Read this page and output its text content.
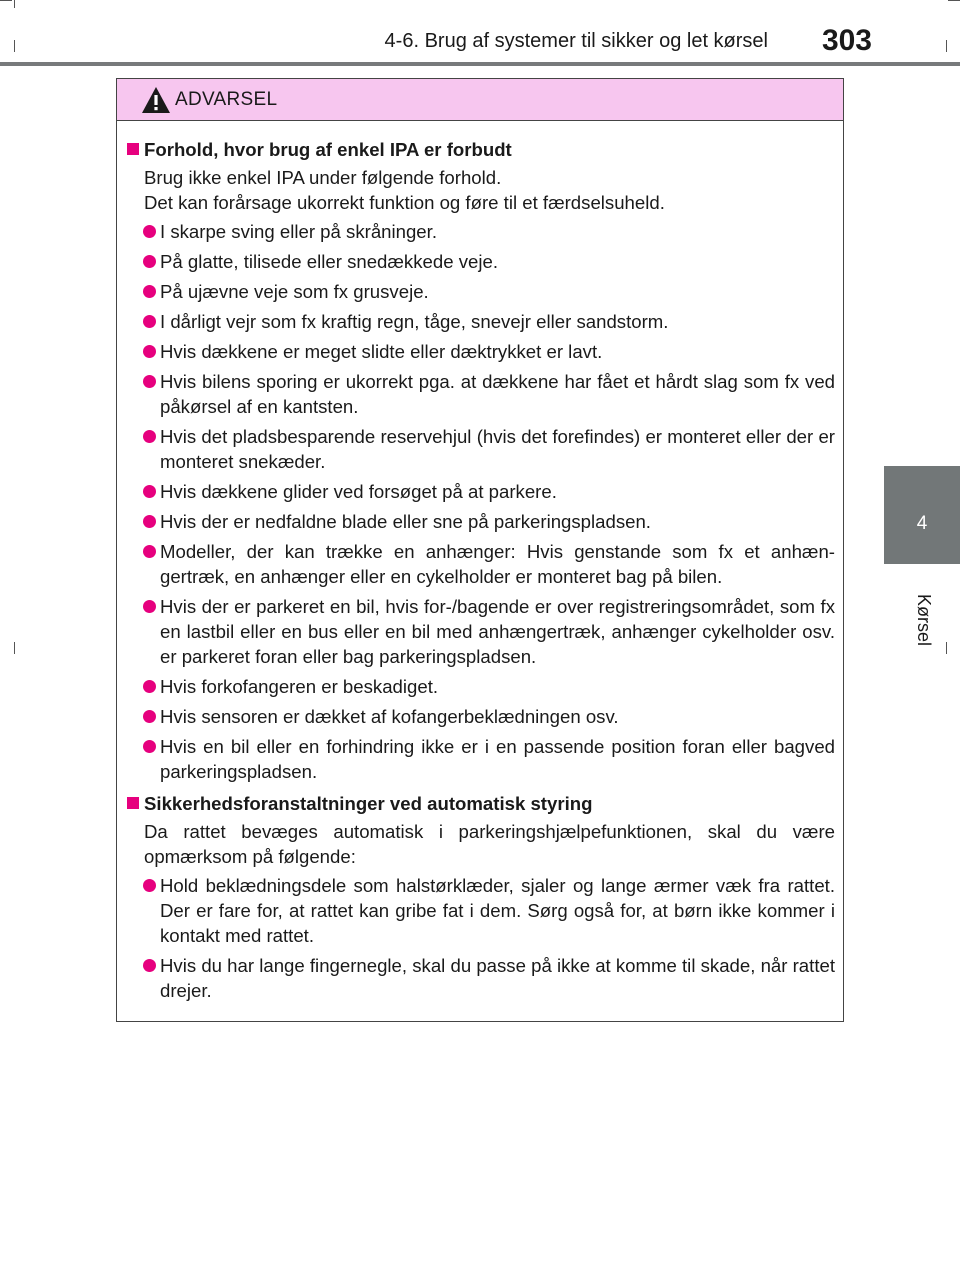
4-6. Brug af systemer til sikker og let kørsel 303
4
Kørsel
ADVARSEL
Forhold, hvor brug af enkel IPA er forbudt
Brug ikke enkel IPA under følgende forhold.
Det kan forårsage ukorrekt funktion og føre til et færdselsuheld.
I skarpe sving eller på skråninger.
På glatte, tilisede eller snedækkede veje.
På ujævne veje som fx grusveje.
I dårligt vejr som fx kraftig regn, tåge, snevejr eller sandstorm.
Hvis dækkene er meget slidte eller dæktrykket er lavt.
Hvis bilens sporing er ukorrekt pga. at dækkene har fået et hårdt slag som fx ved påkørsel af en kantsten.
Hvis det pladsbesparende reservehjul (hvis det forefindes) er monteret eller der er monteret snekæder.
Hvis dækkene glider ved forsøget på at parkere.
Hvis der er nedfaldne blade eller sne på parkeringspladsen.
Modeller, der kan trække en anhænger: Hvis genstande som fx et anhæn- gertræk, en anhænger eller en cykelholder er monteret bag på bilen.
Hvis der er parkeret en bil, hvis for-/bagende er over registreringsområdet, som fx en lastbil eller en bus eller en bil med anhængertræk, anhænger cykelholder osv. er parkeret foran eller bag parkeringspladsen.
Hvis forkofangeren er beskadiget.
Hvis sensoren er dækket af kofangerbeklædningen osv.
Hvis en bil eller en forhindring ikke er i en passende position foran eller bagved parkeringspladsen.
Sikkerhedsforanstaltninger ved automatisk styring
Da rattet bevæges automatisk i parkeringshjælpefunktionen, skal du være opmærksom på følgende:
Hold beklædningsdele som halstørklæder, sjaler og lange ærmer væk fra rattet. Der er fare for, at rattet kan gribe fat i dem. Sørg også for, at børn ikke kommer i kontakt med rattet.
Hvis du har lange fingernegle, skal du passe på ikke at komme til skade, når rattet drejer.
